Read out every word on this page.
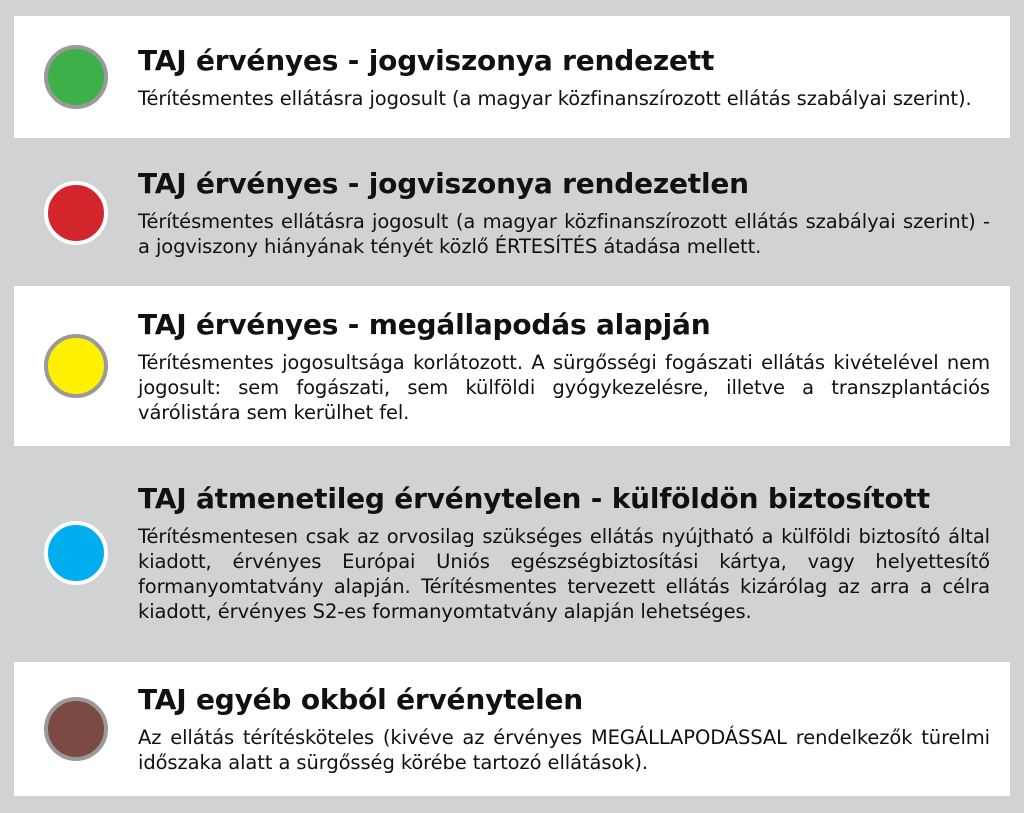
TAJ érvényes - jogviszonya rendezett
Térítésmentes ellátásra jogosult (a magyar közfinanszírozott ellátás szabályai szerint).
TAJ érvényes - jogviszonya rendezetlen
Térítésmentes ellátásra jogosult (a magyar közfinanszírozott ellátás szabályai szerint) - a jogviszony hiányának tényét közlő ÉRTESÍTÉS átadása mellett.
TAJ érvényes - megállapodás alapján
Térítésmentes jogosultsága korlátozott. A sürgősségi fogászati ellátás kivételével nem jogosult: sem fogászati, sem külföldi gyógykezelésre, illetve a transzplantációs várólistára sem kerülhet fel.
TAJ átmenetileg érvénytelen - külföldön biztosított
Térítésmentesen csak az orvosilag szükséges ellátás nyújtható a külföldi biztosító által kiadott, érvényes Európai Uniós egészségbiztosítási kártya, vagy helyettesítő formanyomtatvány alapján. Térítésmentes tervezett ellátás kizárólag az arra a célra kiadott, érvényes S2-es formanyomtatvány alapján lehetséges.
TAJ egyéb okból érvénytelen
Az ellátás térítésköteles (kivéve az érvényes MEGÁLLAPODÁSSAL rendelkezők türelmi időszaka alatt a sürgősség körébe tartozó ellátások).
